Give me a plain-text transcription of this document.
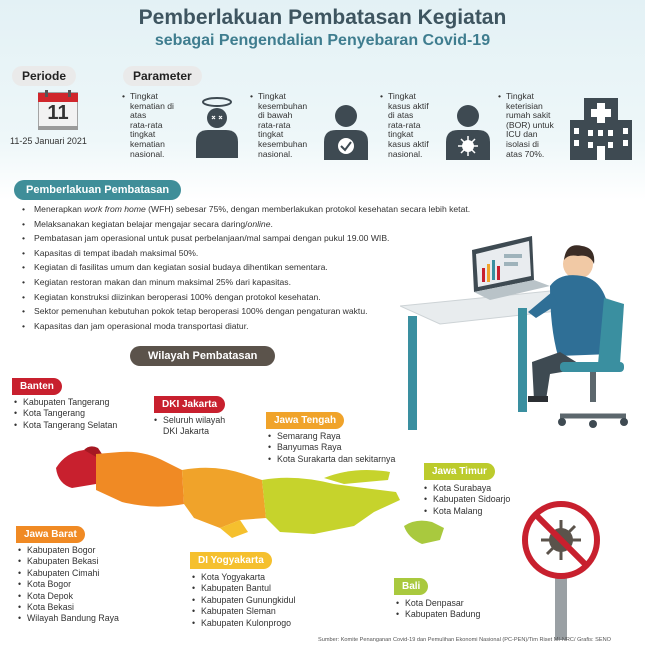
Pemberlakuan Pembatasan Kegiatan
sebagai Pengendalian Penyebaran Covid-19
Periode
11
11-25 Januari 2021
Parameter
• Tingkat
kematian di
atas
rata-rata
tingkat
kematian
nasional.
• Tingkat
kesembuhan
di bawah
rata-rata
tingkat
kesembuhan
nasional.
• Tingkat
kasus aktif
di atas
rata-rata
tingkat
kasus aktif
nasional.
• Tingkat
keterisian
rumah sakit
(BOR) untuk
ICU dan
isolasi di
atas 70%.
Pemberlakuan Pembatasan
•	Menerapkan work from home (WFH) sebesar 75%, dengan memberlakukan protokol kesehatan secara lebih ketat.
•	Melaksanakan kegiatan belajar mengajar secara daring/online.
•	Pembatasan jam operasional untuk pusat perbelanjaan/mal sampai dengan pukul 19.00 WIB.
•	Kapasitas di tempat ibadah maksimal 50%.
•	Kegiatan di fasilitas umum dan kegiatan sosial budaya dihentikan sementara.
•	Kegiatan restoran makan dan minum maksimal 25% dari kapasitas.
•	Kegiatan konstruksi diizinkan beroperasi 100% dengan protokol kesehatan.
•	Sektor pemenuhan kebutuhan pokok tetap beroperasi 100% dengan pengaturan waktu.
•	Kapasitas dan jam operasional moda transportasi diatur.
Wilayah Pembatasan
Banten
• Kabupaten Tangerang
• Kota Tangerang
• Kota Tangerang Selatan
DKI Jakarta
• Seluruh wilayah DKI Jakarta
Jawa Tengah
• Semarang Raya
• Banyumas Raya
• Kota Surakarta dan sekitarnya
Jawa Timur
• Kota Surabaya
• Kabupaten Sidoarjo
• Kota Malang
Jawa Barat
• Kabupaten Bogor
• Kabupaten Bekasi
• Kabupaten Cimahi
• Kota Bogor
• Kota Depok
• Kota Bekasi
• Wilayah Bandung Raya
DI Yogyakarta
• Kota Yogyakarta
• Kabupaten Bantul
• Kabupaten Gunungkidul
• Kabupaten Sleman
• Kabupaten Kulonprogo
Bali
• Kota Denpasar
• Kabupaten Badung
Sumber: Komite Penanganan Covid-19 dan Pemulihan Ekonomi Nasional (PC-PEN)/Tim Riset MI-NRC/ Grafis: SENO
